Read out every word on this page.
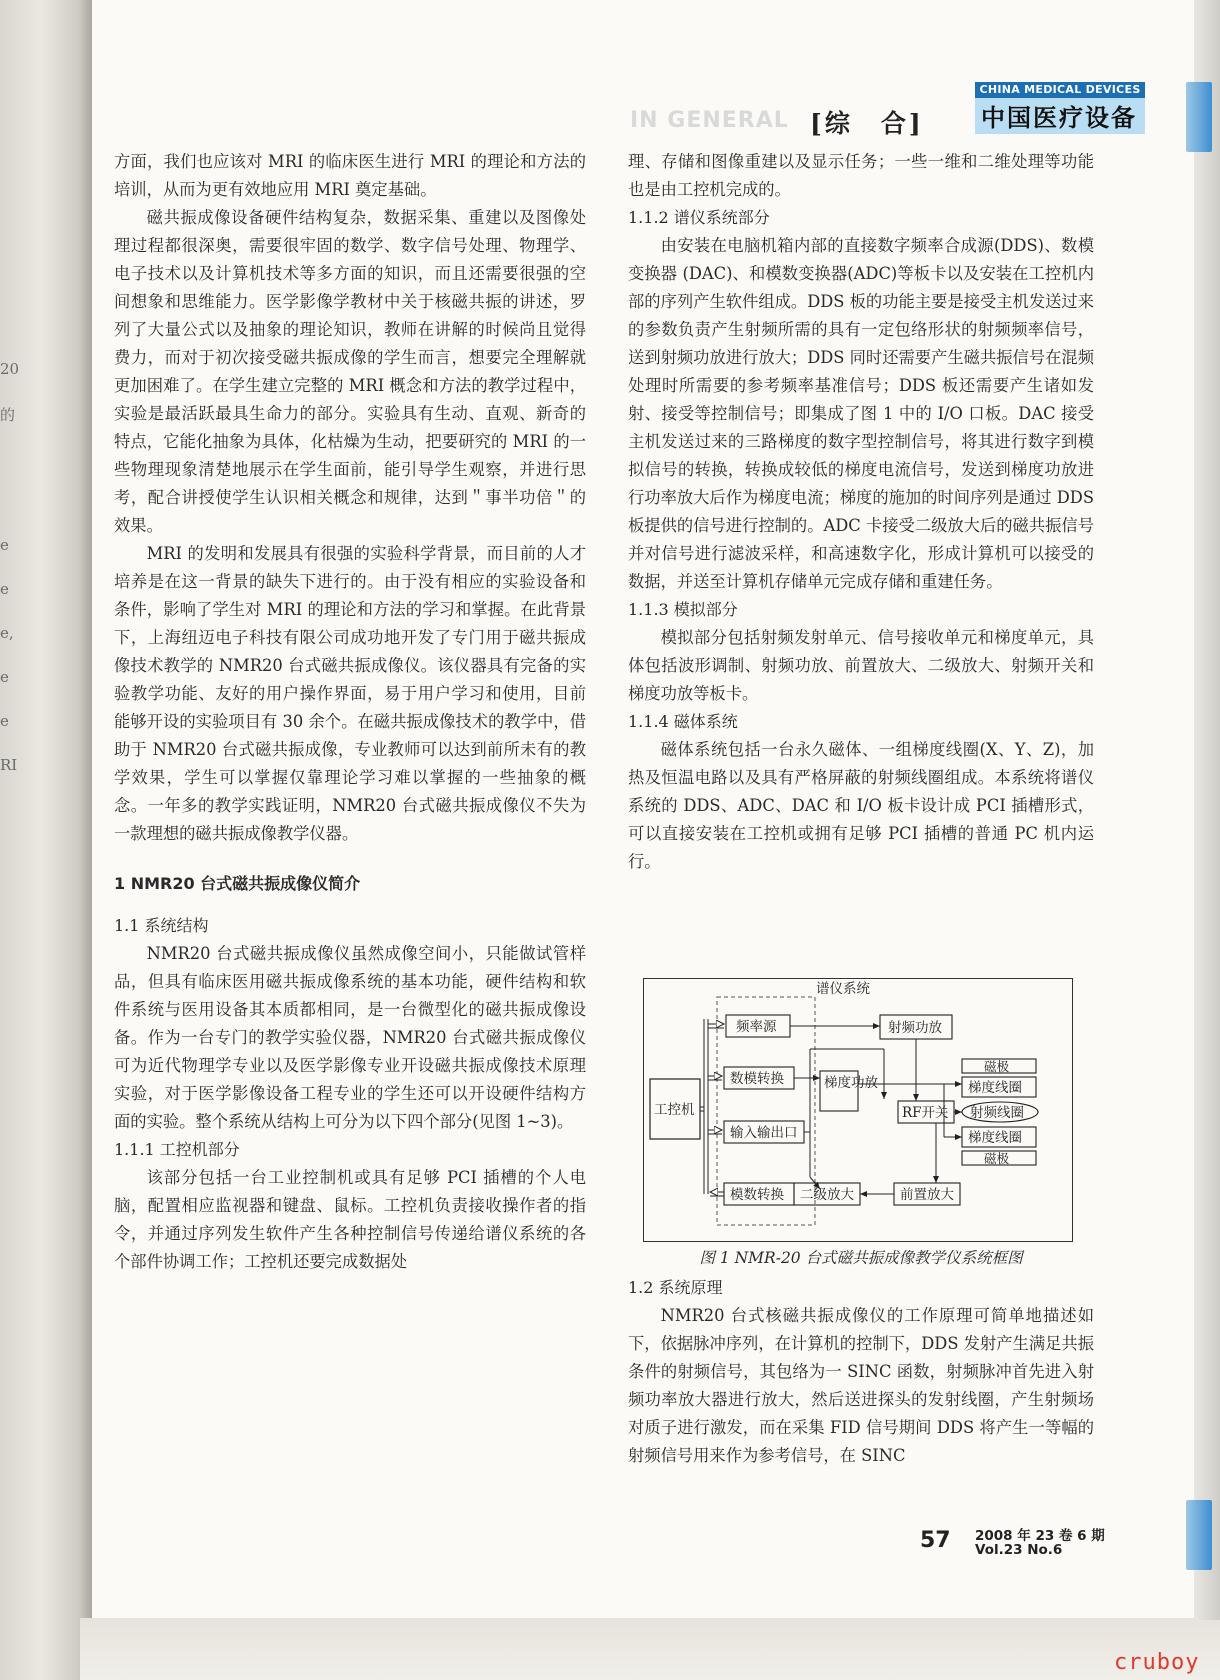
20
的
e
e
e,
e
e
RI
IN GENERAL [综　合]
CHINA MEDICAL DEVICES
中国医疗设备

方面，我们也应该对 MRI 的临床医生进行 MRI 的理论和方法的培训，从而为更有效地应用 MRI 奠定基础。

磁共振成像设备硬件结构复杂，数据采集、重建以及图像处理过程都很深奥，需要很牢固的数学、数字信号处理、物理学、电子技术以及计算机技术等多方面的知识，而且还需要很强的空间想象和思维能力。医学影像学教材中关于核磁共振的讲述，罗列了大量公式以及抽象的理论知识，教师在讲解的时候尚且觉得费力，而对于初次接受磁共振成像的学生而言，想要完全理解就更加困难了。在学生建立完整的 MRI 概念和方法的教学过程中，实验是最活跃最具生命力的部分。实验具有生动、直观、新奇的特点，它能化抽象为具体，化枯燥为生动，把要研究的 MRI 的一些物理现象清楚地展示在学生面前，能引导学生观察，并进行思考，配合讲授使学生认识相关概念和规律，达到＂事半功倍＂的效果。

MRI 的发明和发展具有很强的实验科学背景，而目前的人才培养是在这一背景的缺失下进行的。由于没有相应的实验设备和条件，影响了学生对 MRI 的理论和方法的学习和掌握。在此背景下，上海纽迈电子科技有限公司成功地开发了专门用于磁共振成像技术教学的 NMR20 台式磁共振成像仪。该仪器具有完备的实验教学功能、友好的用户操作界面，易于用户学习和使用，目前能够开设的实验项目有 30 余个。在磁共振成像技术的教学中，借助于 NMR20 台式磁共振成像，专业教师可以达到前所未有的教学效果，学生可以掌握仅靠理论学习难以掌握的一些抽象的概念。一年多的教学实践证明，NMR20 台式磁共振成像仪不失为一款理想的磁共振成像教学仪器。

1 NMR20 台式磁共振成像仪简介

1.1 系统结构

NMR20 台式磁共振成像仪虽然成像空间小，只能做试管样品，但具有临床医用磁共振成像系统的基本功能，硬件结构和软件系统与医用设备其本质都相同，是一台微型化的磁共振成像设备。作为一台专门的教学实验仪器，NMR20 台式磁共振成像仪可为近代物理学专业以及医学影像专业开设磁共振成像技术原理实验，对于医学影像设备工程专业的学生还可以开设硬件结构方面的实验。整个系统从结构上可分为以下四个部分(见图 1~3)。

1.1.1 工控机部分

该部分包括一台工业控制机或具有足够 PCI 插槽的个人电脑，配置相应监视器和键盘、鼠标。工控机负责接收操作者的指令，并通过序列发生软件产生各种控制信号传递给谱仪系统的各个部件协调工作；工控机还要完成数据处

理、存储和图像重建以及显示任务；一些一维和二维处理等功能也是由工控机完成的。

1.1.2 谱仪系统部分

由安装在电脑机箱内部的直接数字频率合成源(DDS)、数模变换器 (DAC)、和模数变换器(ADC)等板卡以及安装在工控机内部的序列产生软件组成。DDS 板的功能主要是接受主机发送过来的参数负责产生射频所需的具有一定包络形状的射频频率信号，送到射频功放进行放大；DDS 同时还需要产生磁共振信号在混频处理时所需要的参考频率基准信号；DDS 板还需要产生诸如发射、接受等控制信号；即集成了图 1 中的 I/O 口板。DAC 接受主机发送过来的三路梯度的数字型控制信号，将其进行数字到模拟信号的转换，转换成较低的梯度电流信号，发送到梯度功放进行功率放大后作为梯度电流；梯度的施加的时间序列是通过 DDS 板提供的信号进行控制的。ADC 卡接受二级放大后的磁共振信号并对信号进行滤波采样，和高速数字化，形成计算机可以接受的数据，并送至计算机存储单元完成存储和重建任务。

1.1.3 模拟部分

模拟部分包括射频发射单元、信号接收单元和梯度单元，具体包括波形调制、射频功放、前置放大、二级放大、射频开关和梯度功放等板卡。

1.1.4 磁体系统

磁体系统包括一台永久磁体、一组梯度线圈(X、Y、Z)，加热及恒温电路以及具有严格屏蔽的射频线圈组成。本系统将谱仪系统的 DDS、ADC、DAC 和 I/O 板卡设计成 PCI 插槽形式，可以直接安装在工控机或拥有足够 PCI 插槽的普通 PC 机内运行。

谱仪系统
工控机
频率源
数模转换
输入输出口
模数转换
射频功放
梯度功放
RF开关
磁极
梯度线圈
射频线圈
梯度线圈
磁极
二级放大	前置放大
图 1 NMR-20 台式磁共振成像教学仪系统框图

1.2 系统原理

NMR20 台式核磁共振成像仪的工作原理可简单地描述如下，依据脉冲序列，在计算机的控制下，DDS 发射产生满足共振条件的射频信号，其包络为一 SINC 函数，射频脉冲首先进入射频功率放大器进行放大，然后送进探头的发射线圈，产生射频场对质子进行激发，而在采集 FID 信号期间 DDS 将产生一等幅的射频信号用来作为参考信号，在 SINC

57 2008 年 23 卷 6 期
Vol.23 No.6
cruboy
